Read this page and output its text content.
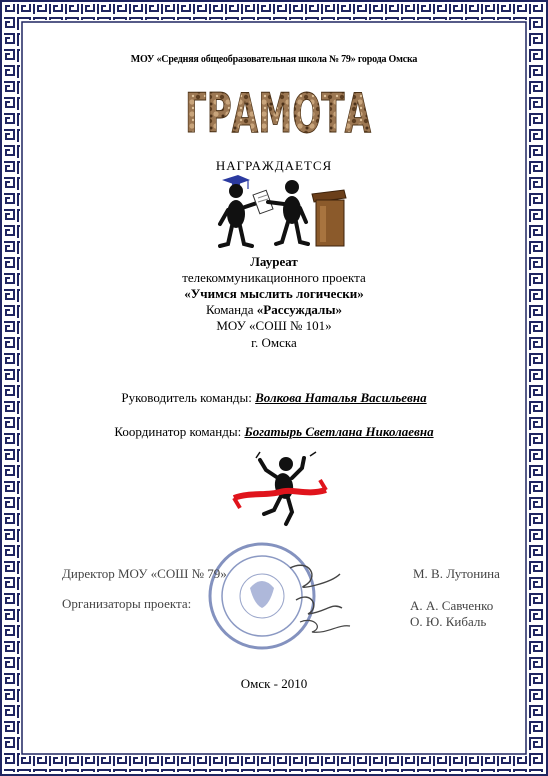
МОУ «Средняя общеобразовательная школа № 79» города Омска
ГРАМОТА
НАГРАЖДАЕТСЯ
Лауреат
телекоммуникационного проекта
«Учимся мыслить логически»
Команда «Рассуждалы»
МОУ «СОШ № 101»
г. Омска
Руководитель команды: Волкова Наталья Васильевна
Координатор команды: Богатырь Светлана Николаевна
Директор МОУ «СОШ № 79»	М. В. Лутонина
Организаторы проекта:	А. А. Савченко
О. Ю. Кибаль
Омск - 2010
